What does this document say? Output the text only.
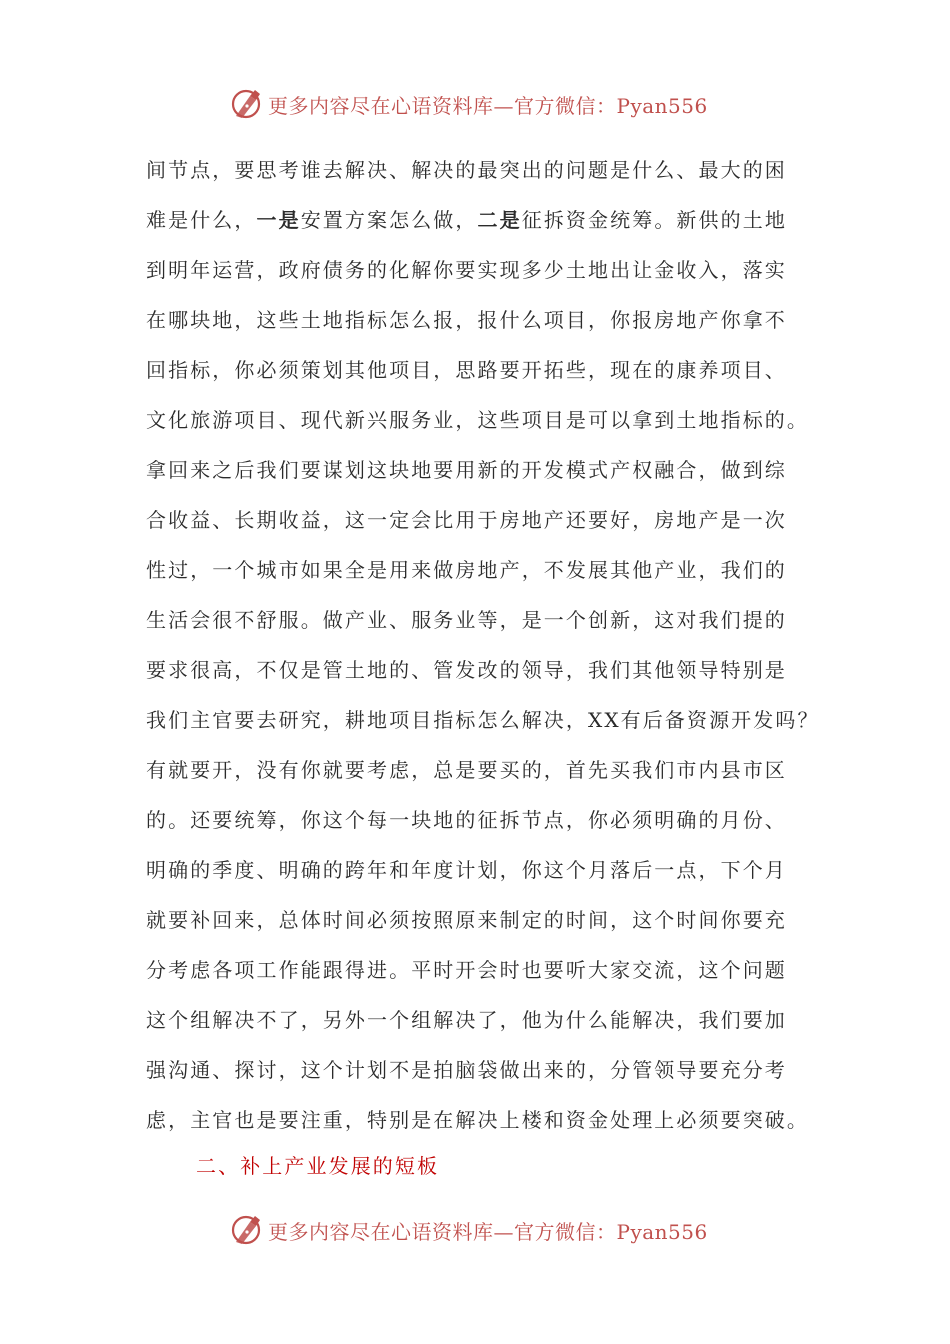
更多内容尽在心语资料库—官方微信：Pyan556
间节点，要思考谁去解决、解决的最突出的问题是什么、最大的困
难是什么，一是安置方案怎么做，二是征拆资金统筹。新供的土地
到明年运营，政府债务的化解你要实现多少土地出让金收入，落实
在哪块地，这些土地指标怎么报，报什么项目，你报房地产你拿不
回指标，你必须策划其他项目，思路要开拓些，现在的康养项目、
文化旅游项目、现代新兴服务业，这些项目是可以拿到土地指标的。
拿回来之后我们要谋划这块地要用新的开发模式产权融合，做到综
合收益、长期收益，这一定会比用于房地产还要好，房地产是一次
性过，一个城市如果全是用来做房地产，不发展其他产业，我们的
生活会很不舒服。做产业、服务业等，是一个创新，这对我们提的
要求很高，不仅是管土地的、管发改的领导，我们其他领导特别是
我们主官要去研究，耕地项目指标怎么解决，XX有后备资源开发吗？
有就要开，没有你就要考虑，总是要买的，首先买我们市内县市区
的。还要统筹，你这个每一块地的征拆节点，你必须明确的月份、
明确的季度、明确的跨年和年度计划，你这个月落后一点，下个月
就要补回来，总体时间必须按照原来制定的时间，这个时间你要充
分考虑各项工作能跟得进。平时开会时也要听大家交流，这个问题
这个组解决不了，另外一个组解决了，他为什么能解决，我们要加
强沟通、探讨，这个计划不是拍脑袋做出来的，分管领导要充分考
虑，主官也是要注重，特别是在解决上楼和资金处理上必须要突破。
二、补上产业发展的短板
更多内容尽在心语资料库—官方微信：Pyan556
